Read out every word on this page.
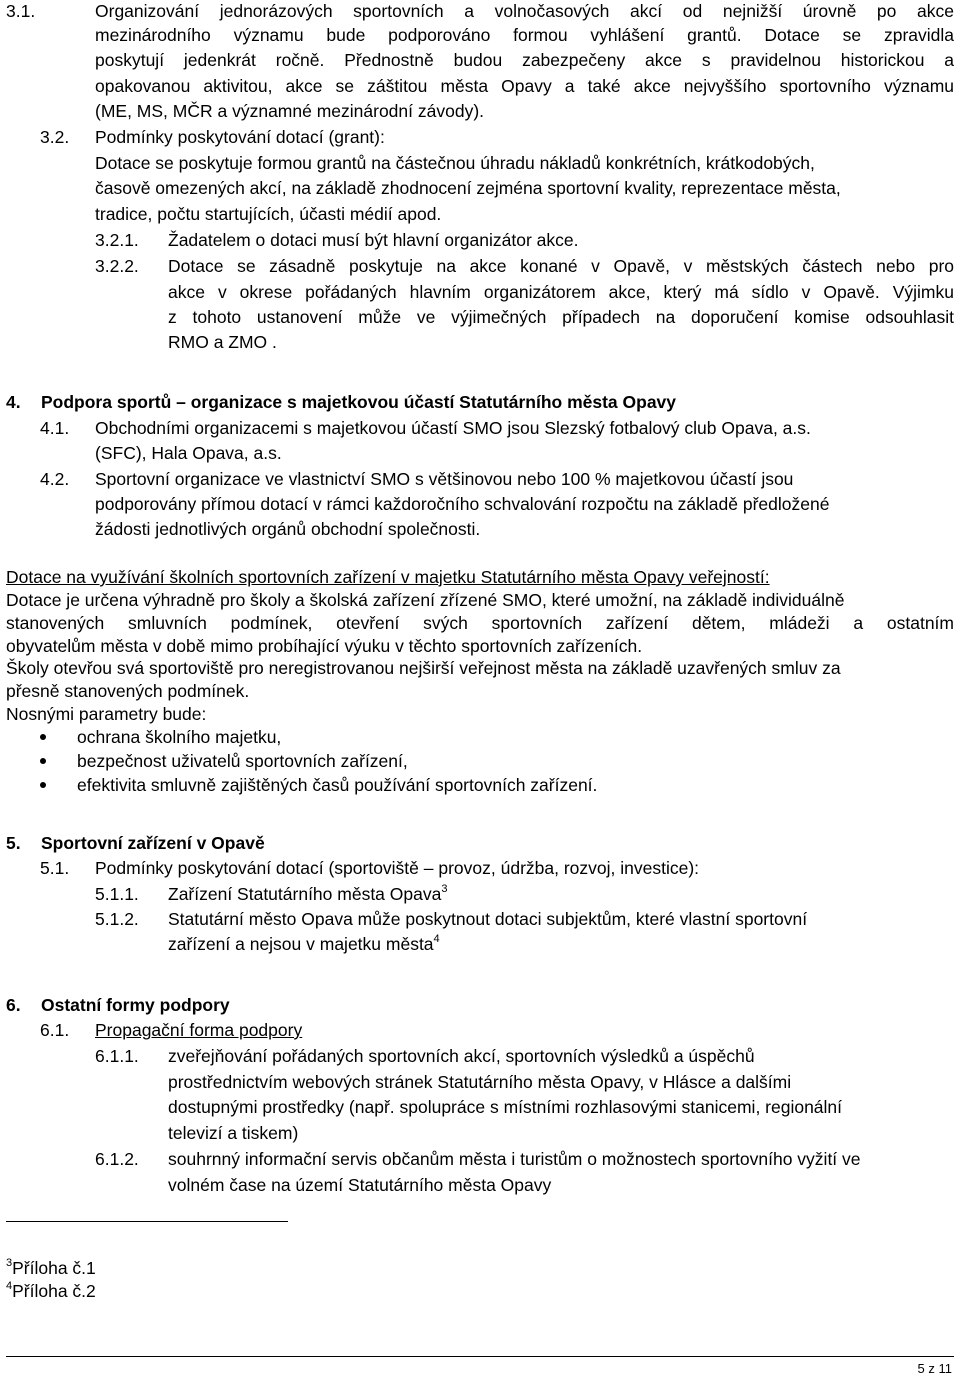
3.1.	Organizování jednorázových sportovních a volnočasových akcí od nejnižší úrovně po akce
mezinárodního významu bude podporováno formou vyhlášení grantů. Dotace se zpravidla
poskytují jedenkrát ročně. Přednostně budou zabezpečeny akce s pravidelnou historickou a
opakovanou aktivitou, akce se záštitou města Opavy a také akce nejvyššího sportovního významu
(ME, MS, MČR a významné mezinárodní závody).
3.2. Podmínky poskytování dotací (grant):
Dotace se poskytuje formou grantů na částečnou úhradu nákladů konkrétních, krátkodobých,
časově omezených akcí, na základě zhodnocení zejména sportovní kvality, reprezentace města,
tradice, počtu startujících, účasti médií apod.
3.2.1. Žadatelem o dotaci musí být hlavní organizátor akce.
3.2.2. Dotace se zásadně poskytuje na akce konané v Opavě, v městských částech nebo pro
akce v okrese pořádaných hlavním organizátorem akce, který má sídlo v Opavě. Výjimku
z tohoto ustanovení může ve výjimečných případech na doporučení komise odsouhlasit
RMO a ZMO .
4. Podpora sportů – organizace s majetkovou účastí Statutárního města Opavy
4.1. Obchodními organizacemi s majetkovou účastí SMO jsou Slezský fotbalový club Opava, a.s.
(SFC), Hala Opava, a.s.
4.2. Sportovní organizace ve vlastnictví SMO s většinovou nebo 100 % majetkovou účastí jsou
podporovány přímou dotací v rámci každoročního schvalování rozpočtu na základě předložené
žádosti jednotlivých orgánů obchodní společnosti.
Dotace na využívání školních sportovních zařízení v majetku Statutárního města Opavy veřejností:
Dotace je určena výhradně pro školy a školská zařízení zřízené SMO, které umožní, na základě individuálně
stanovených smluvních podmínek, otevření svých sportovních zařízení dětem, mládeži a ostatním
obyvatelům města v době mimo probíhající výuku v těchto sportovních zařízeních.
Školy otevřou svá sportoviště pro neregistrovanou nejširší veřejnost města na základě uzavřených smluv za
přesně stanovených podmínek.
Nosnými parametry bude:
ochrana školního majetku,
bezpečnost uživatelů sportovních zařízení,
efektivita smluvně zajištěných časů používání sportovních zařízení.
5. Sportovní zařízení v Opavě
5.1. Podmínky poskytování dotací (sportoviště – provoz, údržba, rozvoj, investice):
5.1.1. Zařízení Statutárního města Opava$^3$
5.1.2. Statutární město Opava může poskytnout dotaci subjektům, které vlastní sportovní
zařízení a nejsou v majetku města$^4$
6. Ostatní formy podpory
6.1. Propagační forma podpory
6.1.1. zveřejňování pořádaných sportovních akcí, sportovních výsledků a úspěchů
prostřednictvím webových stránek Statutárního města Opavy, v Hlásce a dalšími
dostupnými prostředky (např. spolupráce s místními rozhlasovými stanicemi, regionální
televizí a tiskem)
6.1.2. souhrnný informační servis občanům města i turistům o možnostech sportovního vyžití ve
volném čase na území Statutárního města Opavy
$^3$Příloha č.1
$^4$Příloha č.2
5 z 11
